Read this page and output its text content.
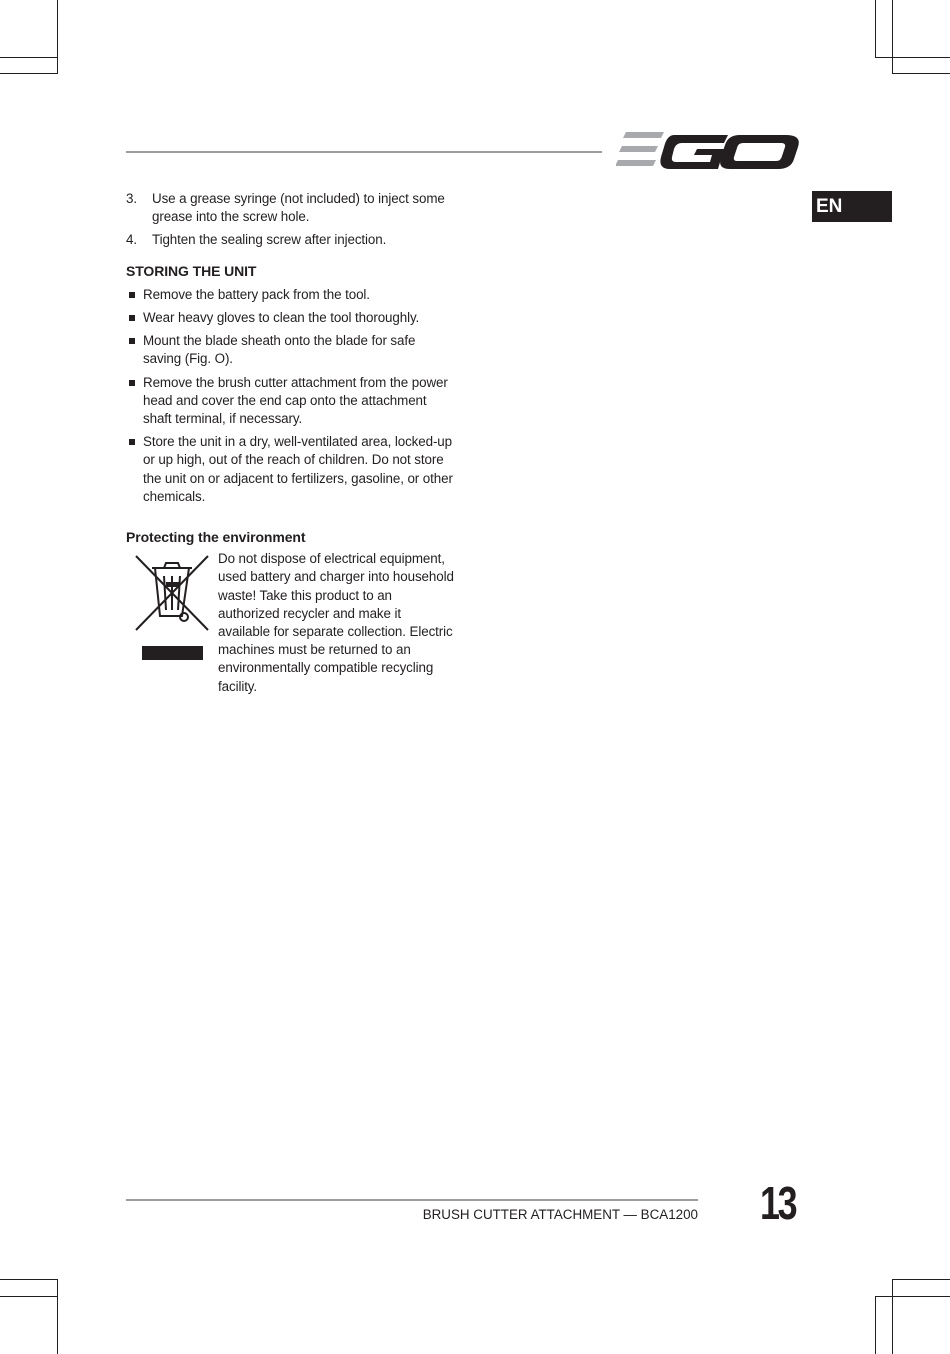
EN
3.	Use a grease syringe (not included) to inject some grease into the screw hole.
4.	Tighten the sealing screw after injection.
STORING THE UNIT
Remove the battery pack from the tool.
Wear heavy gloves to clean the tool thoroughly.
Mount the blade sheath onto the blade for safe saving (Fig. O).
Remove the brush cutter attachment from the power head and cover the end cap onto the attachment shaft terminal, if necessary.
Store the unit in a dry, well-ventilated area, locked-up or up high, out of the reach of children. Do not store the unit on or adjacent to fertilizers, gasoline, or other chemicals.
Protecting the environment
Do not dispose of electrical equipment, used battery and charger into household waste! Take this product to an authorized recycler and make it available for separate collection. Electric machines must be returned to an environmentally compatible recycling facility.
BRUSH CUTTER ATTACHMENT — BCA1200 13
